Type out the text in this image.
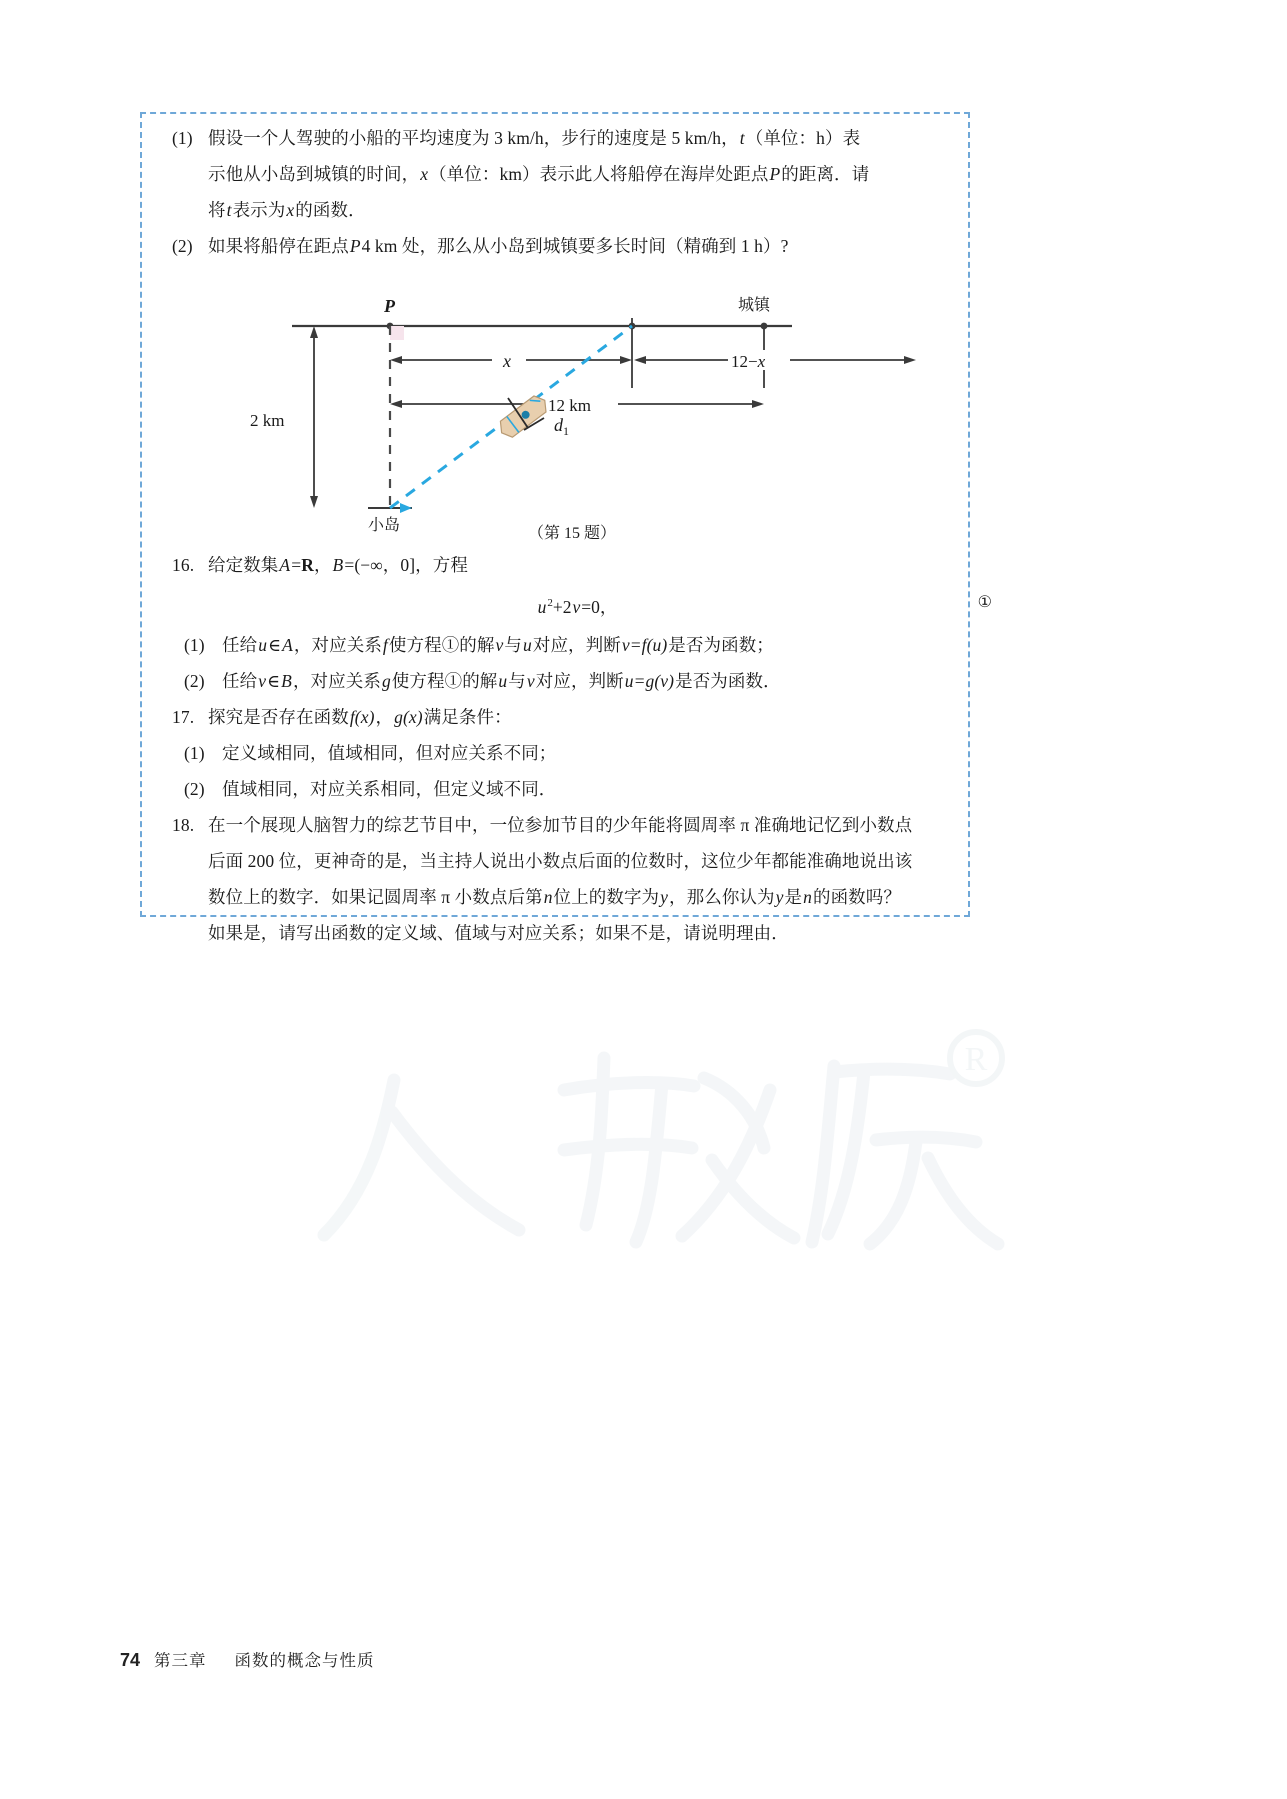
(1) 假设一个人驾驶的小船的平均速度为 3 km/h，步行的速度是 5 km/h，t（单位：h）表
示他从小岛到城镇的时间，x（单位：km）表示此人将船停在海岸处距点P的距离．请
将t表示为x的函数．
(2) 如果将船停在距点P4 km 处，那么从小岛到城镇要多长时间（精确到 1 h）?
P	城镇
小岛
x	12−x
12 km
2 km	$d_1$
（第 15 题）
16. 给定数集A=R，B=(−∞，0]，方程
$u^2+2v=0$，	①
(1) 任给u∈A，对应关系f使方程①的解v与u对应，判断v=f(u)是否为函数；
(2) 任给v∈B，对应关系g使方程①的解u与v对应，判断u=g(v)是否为函数．
17. 探究是否存在函数f(x)，g(x)满足条件：
(1) 定义域相同，值域相同，但对应关系不同；
(2) 值域相同，对应关系相同，但定义域不同．
18. 在一个展现人脑智力的综艺节目中，一位参加节目的少年能将圆周率 π 准确地记忆到小数点
后面 200 位，更神奇的是，当主持人说出小数点后面的位数时，这位少年都能准确地说出该
数位上的数字．如果记圆周率 π 小数点后第n位上的数字为y，那么你认为y是n的函数吗？
如果是，请写出函数的定义域、值域与对应关系；如果不是，请说明理由．
R
74 第三章 函数的概念与性质
